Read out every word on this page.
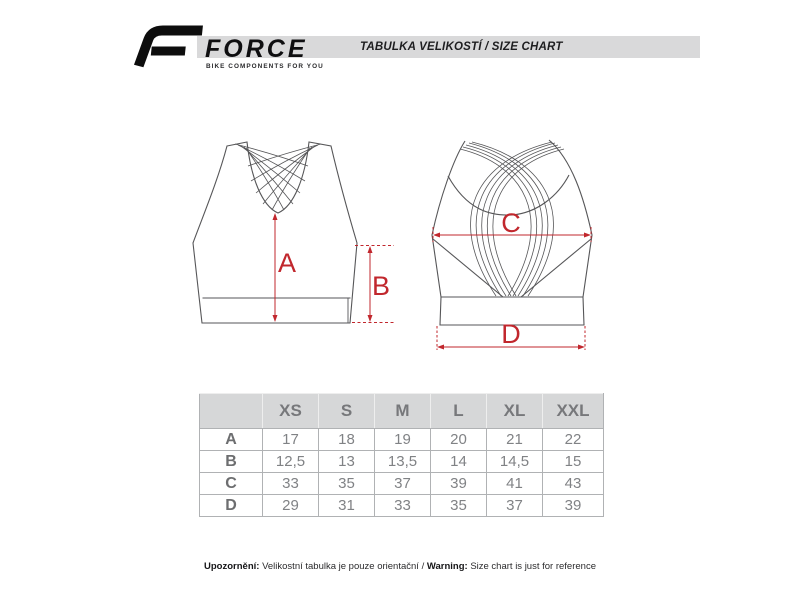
FORCE
BIKE COMPONENTS FOR YOU
TABULKA VELIKOSTÍ / SIZE CHART
A
B
C
D
	XS	S	M	L	XL	XXL
A	17	18	19	20	21	22
B	12,5	13	13,5	14	14,5	15
C	33	35	37	39	41	43
D	29	31	33	35	37	39
Upozornění: Velikostní tabulka je pouze orientační / Warning: Size chart is just for reference
